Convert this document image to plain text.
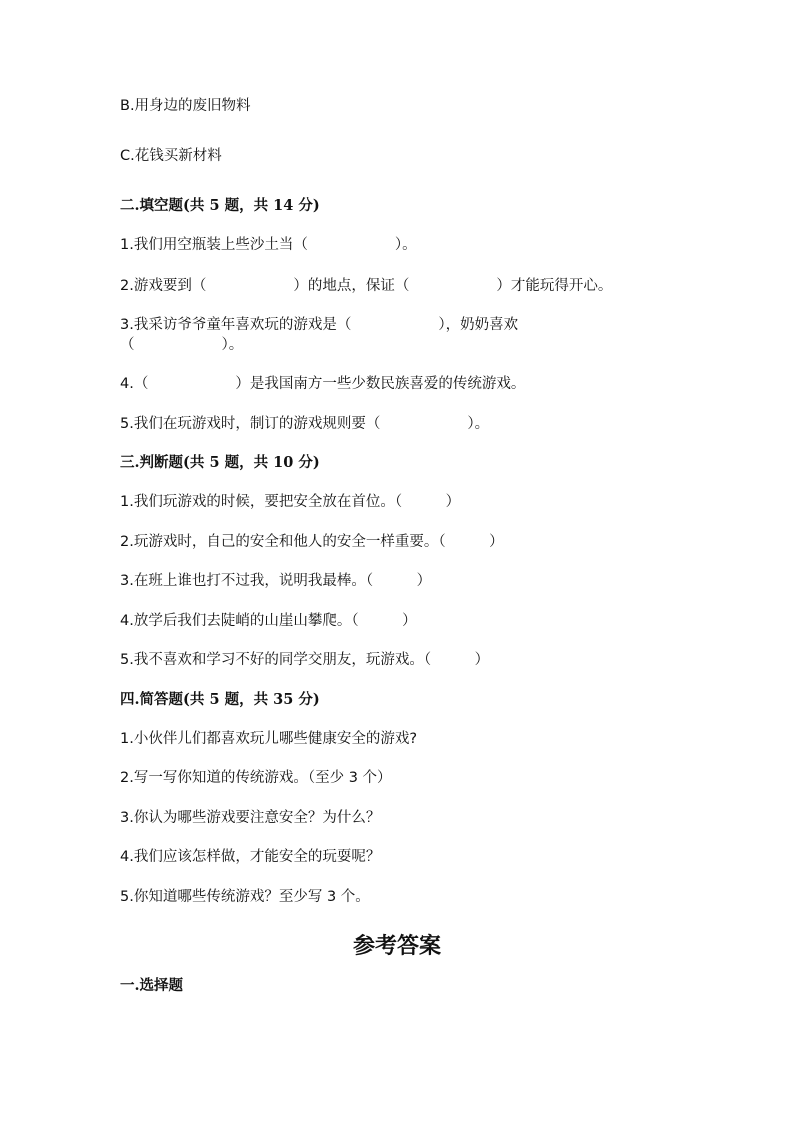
B.用身边的废旧物料

C.花钱买新材料

二.填空题(共 5 题，共 14 分)

1.我们用空瓶装上些沙土当（　　　　　　）。

2.游戏要到（　　　　　　）的地点，保证（　　　　　　）才能玩得开心。

3.我采访爷爷童年喜欢玩的游戏是（　　　　　　），奶奶喜欢

（　　　　　　）。

4.（　　　　　　）是我国南方一些少数民族喜爱的传统游戏。

5.我们在玩游戏时，制订的游戏规则要（　　　　　　）。

三.判断题(共 5 题，共 10 分)

1.我们玩游戏的时候，要把安全放在首位。（　　　）

2.玩游戏时，自己的安全和他人的安全一样重要。（　　　）

3.在班上谁也打不过我，说明我最棒。（　　　）

4.放学后我们去陡峭的山崖山攀爬。（　　　）

5.我不喜欢和学习不好的同学交朋友，玩游戏。（　　　）

四.简答题(共 5 题，共 35 分)

1.小伙伴儿们都喜欢玩儿哪些健康安全的游戏?

2.写一写你知道的传统游戏。（至少 3 个）

3.你认为哪些游戏要注意安全？为什么？

4.我们应该怎样做，才能安全的玩耍呢？

5.你知道哪些传统游戏？至少写 3 个。

参考答案

一.选择题
